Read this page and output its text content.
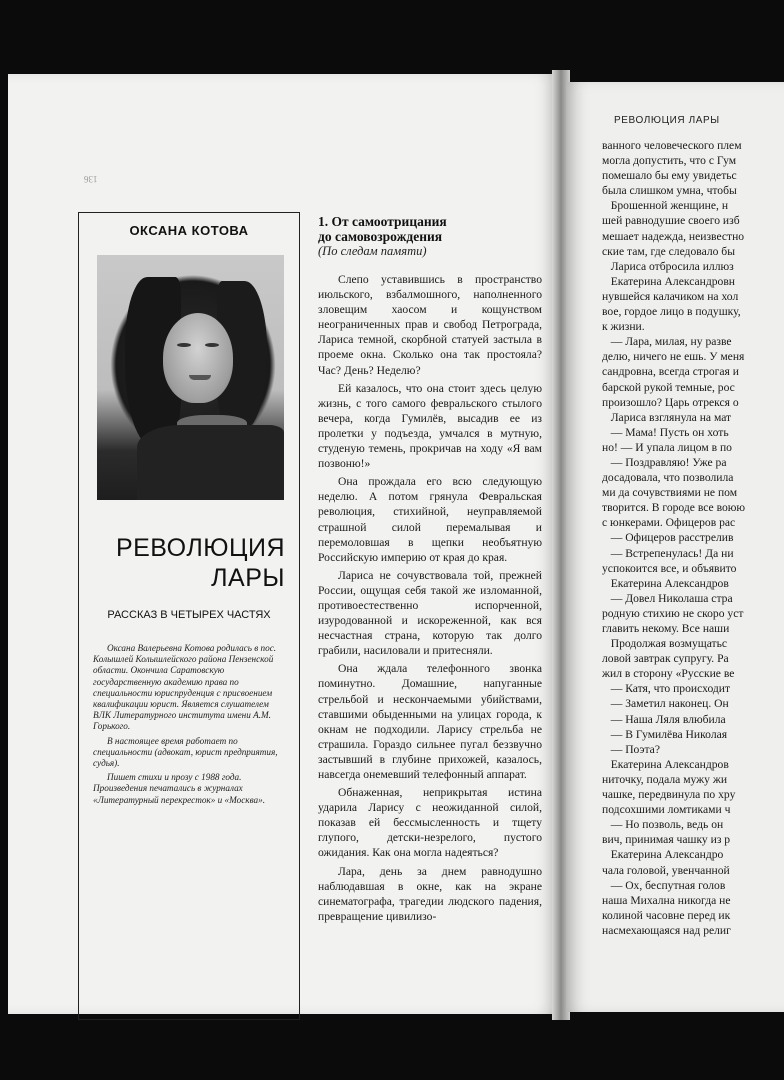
136
ОКСАНА КОТОВА
РЕВОЛЮЦИЯ
ЛАРЫ
РАССКАЗ В ЧЕТЫРЕХ ЧАСТЯХ

Оксана Валерьевна Котова родилась в пос. Колышлей Колышлейского района Пензенской области. Окончила Саратовскую государственную академию права по специальности юриспруденция с присвоением квалификации юрист. Является слушателем ВЛК Литературного института имени А.М. Горького.

В настоящее время работает по специальности (адвокат, юрист предприятия, судья).

Пишет стихи и прозу с 1988 года. Произведения печатались в журналах «Литературный перекресток» и «Москва».

1. От самоотрицания
до самовозрождения
(По следам памяти)

Слепо уставившись в пространство июльского, взбалмошного, наполненного зловещим хаосом и кощунством неограниченных прав и свобод Петрограда, Лариса темной, скорбной статуей застыла в проеме окна. Сколько она так простояла? Час? День? Неделю?

Ей казалось, что она стоит здесь целую жизнь, с того самого февральского стылого вечера, когда Гумилёв, высадив ее из пролетки у подъезда, умчался в мутную, студеную темень, прокричав на ходу «Я вам позвоню!»

Она прождала его всю следующую неделю. А потом грянула Февральская революция, стихийной, неуправляемой страшной силой перемалывая и перемоловшая в щепки необъятную Российскую империю от края до края.

Лариса не сочувствовала той, прежней России, ощущая себя такой же изломанной, противоестественно испорченной, изуродованной и искореженной, как вся несчастная страна, которую так долго грабили, насиловали и притесняли.

Она ждала телефонного звонка поминутно. Домашние, напуганные стрельбой и нескончаемыми убийствами, ставшими обыденными на улицах города, к окнам не подходили. Ларису стрельба не страшила. Гораздо сильнее пугал беззвучно застывший в глубине прихожей, казалось, навсегда онемевший телефонный аппарат.

Обнаженная, неприкрытая истина ударила Ларису с неожиданной силой, показав ей бессмысленность и тщету глупого, детски-незрелого, пустого ожидания. Как она могла надеяться?

Лара, день за днем равнодушно наблюдавшая в окне, как на экране синематографа, трагедии людского падения, превращение цивилизо-

РЕВОЛЮЦИЯ ЛАРЫ
ванного человеческого плем
могла допустить, что с Гум
помешало бы ему увидетьс
была слишком умна, чтобы
Брошенной женщине, н
шей равнодушие своего изб
мешает надежда, неизвестно
ские там, где следовало бы
Лариса отбросила иллюз
Екатерина Александровн
нувшейся калачиком на хол
вое, гордое лицо в подушку,
к жизни.
— Лара, милая, ну разве
делю, ничего не ешь. У меня
сандровна, всегда строгая и
барской рукой темные, рос
произошло? Царь отрекся о
Лариса взглянула на мат
— Мама! Пусть он хоть
но! — И упала лицом в по
— Поздравляю! Уже ра
досадовала, что позволила
ми да сочувствиями не пом
творится. В городе все воюю
с юнкерами. Офицеров рас
— Офицеров расстрелив
— Встрепенулась! Да ни
успокоится все, и объявито
Екатерина Александров
— Довел Николаша стра
родную стихию не скоро уст
главить некому. Все наши
Продолжая возмущатьс
ловой завтрак супругу. Ра
жил в сторону «Русские ве
— Катя, что происходит
— Заметил наконец. Он
— Наша Ляля влюбила
— В Гумилёва Николая
— Поэта?
Екатерина Александров
ниточку, подала мужу жи
чашке, передвинула по хру
подсохшими ломтиками ч
— Но позволь, ведь он
вич, принимая чашку из р
Екатерина Александро
чала головой, увенчанной
— Ох, беспутная голов
наша Михална никогда не
колиной часовне перед ик
насмехающаяся над религ
